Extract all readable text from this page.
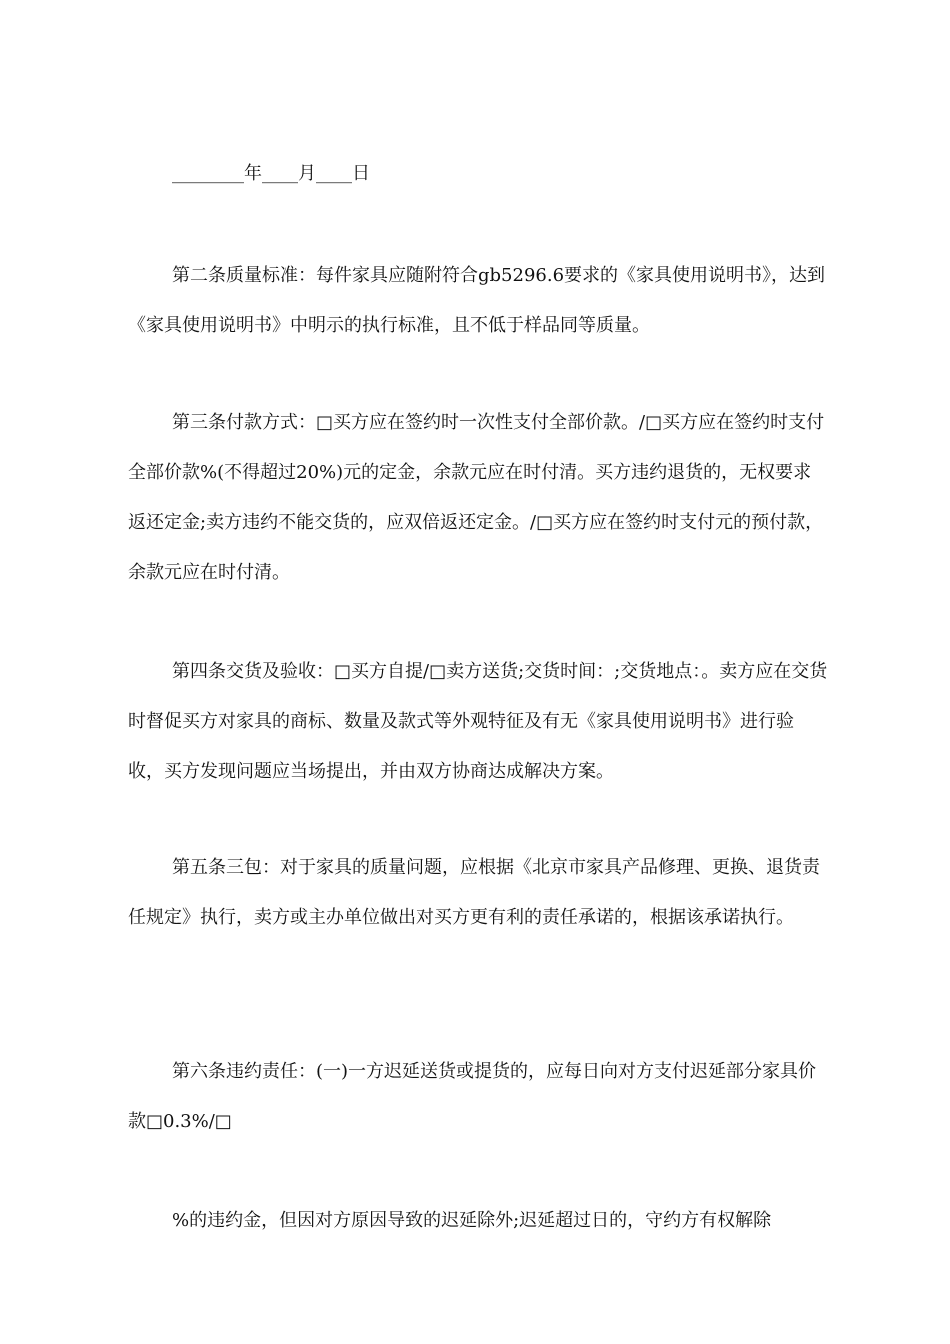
________年____月____日

第二条质量标准：每件家具应随附符合gb5296.6要求的《家具使用说明书》，达到《家具使用说明书》中明示的执行标准，且不低于样品同等质量。

第三条付款方式：□买方应在签约时一次性支付全部价款。/□买方应在签约时支付全部价款%(不得超过20%)元的定金，余款元应在时付清。买方违约退货的，无权要求返还定金;卖方违约不能交货的，应双倍返还定金。/□买方应在签约时支付元的预付款，余款元应在时付清。

第四条交货及验收：□买方自提/□卖方送货;交货时间：;交货地点：。卖方应在交货时督促买方对家具的商标、数量及款式等外观特征及有无《家具使用说明书》进行验收，买方发现问题应当场提出，并由双方协商达成解决方案。

第五条三包：对于家具的质量问题，应根据《北京市家具产品修理、更换、退货责任规定》执行，卖方或主办单位做出对买方更有利的责任承诺的，根据该承诺执行。

第六条违约责任：(一)一方迟延送货或提货的，应每日向对方支付迟延部分家具价款□0.3%/□

%的违约金，但因对方原因导致的迟延除外;迟延超过日的，守约方有权解除
